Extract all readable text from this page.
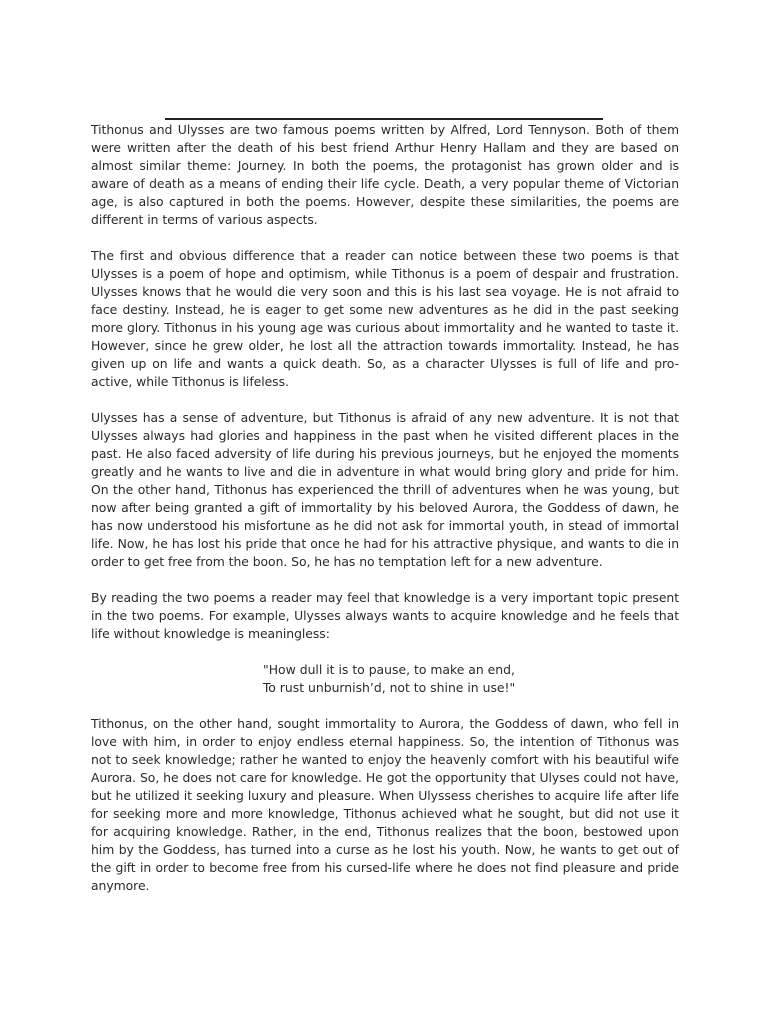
Tithonus and Ulysses are two famous poems written by Alfred, Lord Tennyson. Both of them were written after the death of his best friend Arthur Henry Hallam and they are based on almost similar theme: Journey. In both the poems, the protagonist has grown older and is aware of death as a means of ending their life cycle. Death, a very popular theme of Victorian age, is also captured in both the poems. However, despite these similarities, the poems are different in terms of various aspects.

The first and obvious difference that a reader can notice between these two poems is that Ulysses is a poem of hope and optimism, while Tithonus is a poem of despair and frustration. Ulysses knows that he would die very soon and this is his last sea voyage. He is not afraid to face destiny. Instead, he is eager to get some new adventures as he did in the past seeking more glory. Tithonus in his young age was curious about immortality and he wanted to taste it. However, since he grew older, he lost all the attraction towards immortality. Instead, he has given up on life and wants a quick death. So, as a character Ulysses is full of life and pro-active, while Tithonus is lifeless.

Ulysses has a sense of adventure, but Tithonus is afraid of any new adventure. It is not that Ulysses always had glories and happiness in the past when he visited different places in the past. He also faced adversity of life during his previous journeys, but he enjoyed the moments greatly and he wants to live and die in adventure in what would bring glory and pride for him. On the other hand, Tithonus has experienced the thrill of adventures when he was young, but now after being granted a gift of immortality by his beloved Aurora, the Goddess of dawn, he has now understood his misfortune as he did not ask for immortal youth, in stead of immortal life. Now, he has lost his pride that once he had for his attractive physique, and wants to die in order to get free from the boon. So, he has no temptation left for a new adventure.

By reading the two poems a reader may feel that knowledge is a very important topic present in the two poems. For example, Ulysses always wants to acquire knowledge and he feels that life without knowledge is meaningless:

"How dull it is to pause, to make an end,
To rust unburnish’d, not to shine in use!"

Tithonus, on the other hand, sought immortality to Aurora, the Goddess of dawn, who fell in love with him, in order to enjoy endless eternal happiness. So, the intention of Tithonus was not to seek knowledge; rather he wanted to enjoy the heavenly comfort with his beautiful wife Aurora. So, he does not care for knowledge. He got the opportunity that Ulyses could not have, but he utilized it seeking luxury and pleasure. When Ulyssess cherishes to acquire life after life for seeking more and more knowledge, Tithonus achieved what he sought, but did not use it for acquiring knowledge. Rather, in the end, Tithonus realizes that the boon, bestowed upon him by the Goddess, has turned into a curse as he lost his youth. Now, he wants to get out of the gift in order to become free from his cursed-life where he does not find pleasure and pride anymore.
